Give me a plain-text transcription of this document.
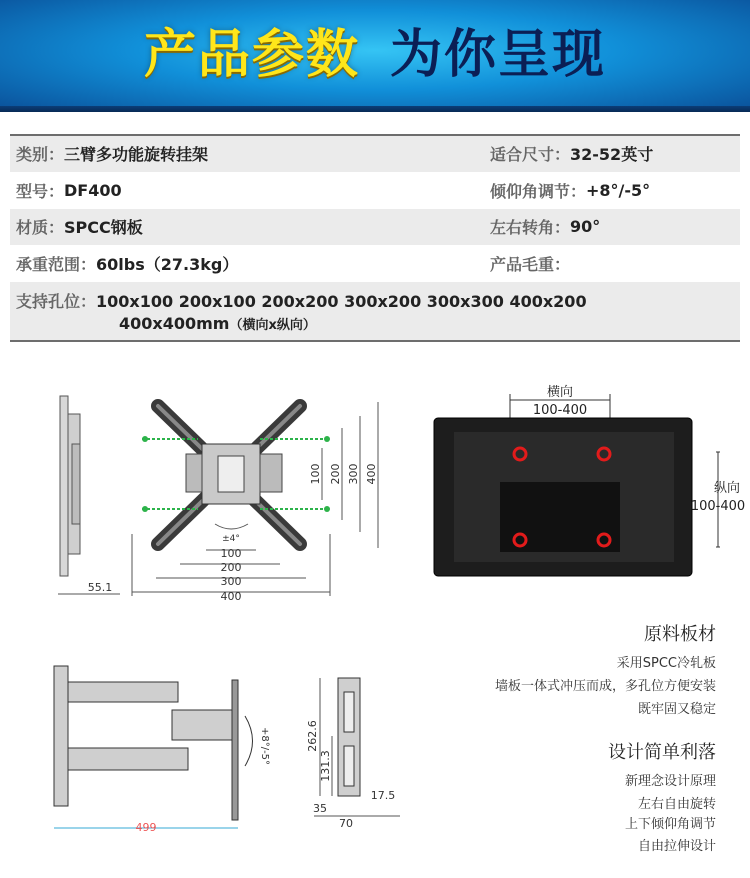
产品参数 为你呈现
类别： 三臂多功能旋转挂架	适合尺寸： 32-52英寸
型号： DF400	倾仰角调节： +8°/-5°
材质： SPCC钢板	左右转角： 90°
承重范围： 60lbs（27.3kg）	产品毛重：
支持孔位：100x100 200x100 200x200 300x200 300x300 400x200
400x400mm（横向x纵向）
±4°
100
200
300
400
100 200 300 400
55.1
横向
100-400
纵向
100-400
+8°/-5°
499
262.6
131.3
35
17.5
70
原料板材
采用SPCC冷轧板
墙板一体式冲压而成，多孔位方便安装
既牢固又稳定
设计简单利落
新理念设计原理
左右自由旋转
上下倾仰角调节
自由拉伸设计
